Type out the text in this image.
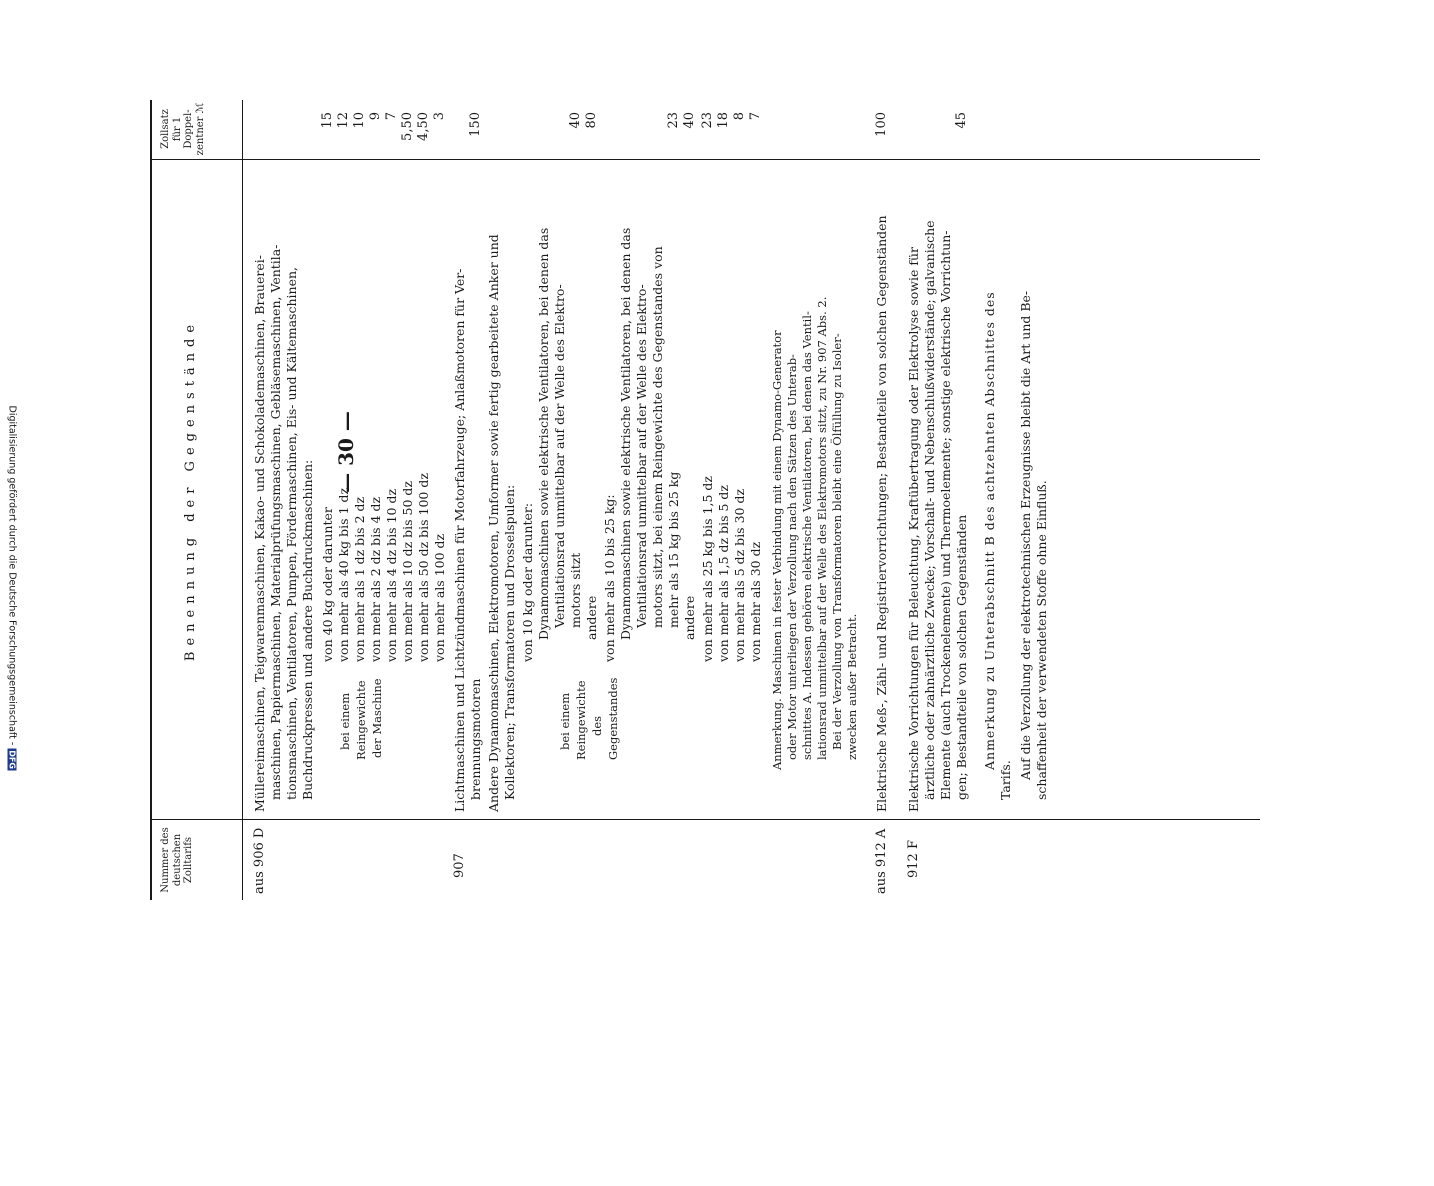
— 30 —
Nummer des deutschen Zolltarifs
Benennung der Gegenstände
Zollsatz für 1 Doppel-zentner ℳ
aus 906 D
Müllereimaschinen, Teigwarenmaschinen, Kakao- und Schokolademaschinen, Brauerei- maschinen, Papiermaschinen, Materialprüfungsmaschinen, Gebläsemaschinen, Ventila- tionsmaschinen, Ventilatoren, Pumpen, Fördermaschinen, Eis- und Kältemaschinen, Buchdruckpressen und andere Buchdruckmaschinen: bei einem Reingewichte der Maschine
von 40 kg oder darunter von mehr als 40 kg bis 1 dz von mehr als 1 dz bis 2 dz von mehr als 2 dz bis 4 dz von mehr als 4 dz bis 10 dz von mehr als 10 dz bis 50 dz von mehr als 50 dz bis 100 dz von mehr als 100 dz
15 12 10 9 7 5,50 4,50 3
907
Lichtmaschinen und Lichtzündmaschinen für Motorfahrzeuge; Anlaßmotoren für Ver- brennungsmotoren
150
Andere Dynamomaschinen, Elektromotoren, Umformer sowie fertig gearbeitete Anker und Kollektoren; Transformatoren und Drosselspulen:	bei einem Reingewichte des Gegenstandes
von 10 kg oder darunter: Dynamomaschinen sowie elektrische Ventilatoren, bei denen das Ventilationsrad unmittelbar auf der Welle des Elektro- motors sitzt
40
andere
80
von mehr als 10 bis 25 kg: Dynamomaschinen sowie elektrische Ventilatoren, bei denen das Ventilationsrad unmittelbar auf der Welle des Elektro- motors sitzt, bei einem Reingewichte des Gegenstandes von mehr als 15 kg bis 25 kg
23
andere
40
von mehr als 25 kg bis 1,5 dz
23
von mehr als 1,5 dz bis 5 dz
18
von mehr als 5 dz bis 30 dz
8
von mehr als 30 dz
7
Anmerkung. Maschinen in fester Verbindung mit einem Dynamo-Generator oder Motor unterliegen der Verzollung nach den Sätzen des Unterab- schnittes A. Indessen gehören elektrische Ventilatoren, bei denen das Ventil- lationsrad unmittelbar auf der Welle des Elektromotors sitzt, zu Nr. 907 Abs. 2. Bei der Verzollung von Transformatoren bleibt eine Ölfüllung zu Isoler- zwecken außer Betracht.
aus 912 A
Elektrische Meß-, Zähl- und Registriervorrichtungen; Bestandteile von solchen Gegenständen
100
912 F
Elektrische Vorrichtungen für Beleuchtung, Kraftübertragung oder Elektrolyse sowie für ärztliche oder zahnärztliche Zwecke; Vorschalt- und Nebenschlußwiderstände; galvanische Elemente (auch Trockenelemente) und Thermoelemente; sonstige elektrische Vorrichtun- gen; Bestandteile von solchen Gegenständen
45
Anmerkung zu Unterabschnitt B des achtzehnten Abschnittes des
Tarifs.
Auf die Verzollung der elektrotechnischen Erzeugnisse bleibt die Art und Be- schaffenheit der verwendeten Stoffe ohne Einfluß.
Digitalisierung gefördert durch die Deutsche Forschungsgemeinschaft -DFG
